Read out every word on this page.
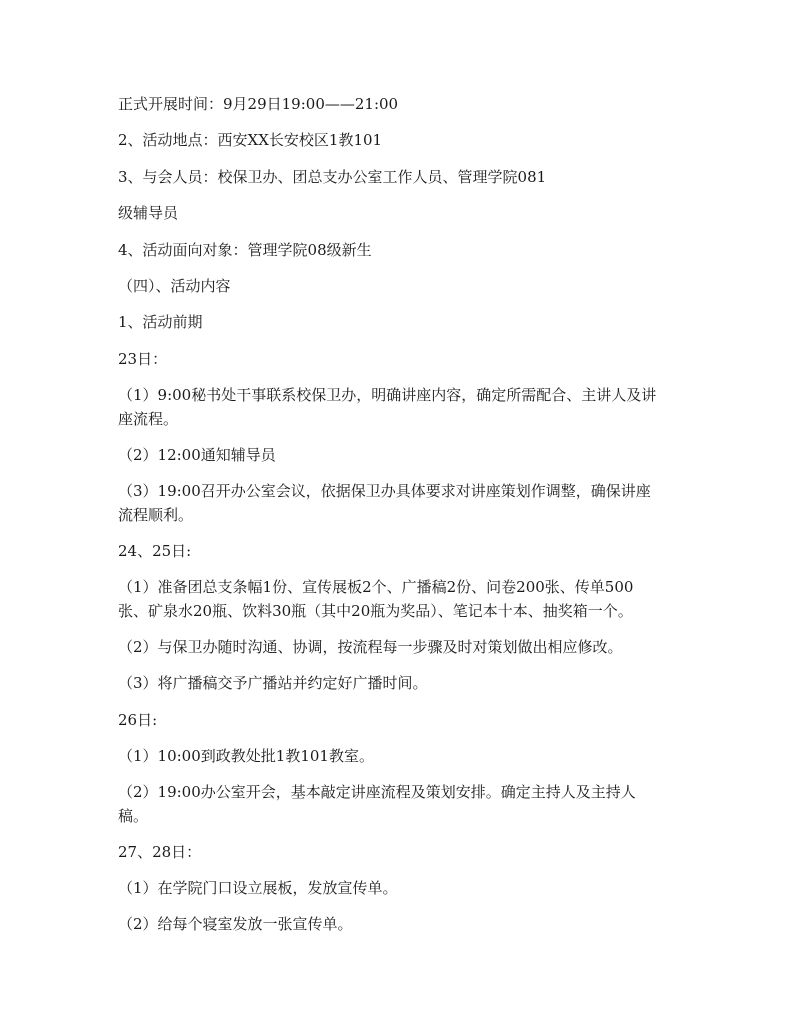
正式开展时间：9月29日19:00——21:00
2、活动地点：西安XX长安校区1教101
3、与会人员：校保卫办、团总支办公室工作人员、管理学院081
级辅导员
4、活动面向对象：管理学院08级新生
（四）、活动内容
1、活动前期
23日：
（1）9:00秘书处干事联系校保卫办，明确讲座内容，确定所需配合、主讲人及讲
座流程。
（2）12:00通知辅导员
（3）19:00召开办公室会议，依据保卫办具体要求对讲座策划作调整，确保讲座
流程顺利。
24、25日:
（1）准备团总支条幅1份、宣传展板2个、广播稿2份、问卷200张、传单500
张、矿泉水20瓶、饮料30瓶（其中20瓶为奖品）、笔记本十本、抽奖箱一个。
（2）与保卫办随时沟通、协调，按流程每一步骤及时对策划做出相应修改。
（3）将广播稿交予广播站并约定好广播时间。
26日:
（1）10:00到政教处批1教101教室。
（2）19:00办公室开会，基本敲定讲座流程及策划安排。确定主持人及主持人
稿。
27、28日：
（1）在学院门口设立展板，发放宣传单。
（2）给每个寝室发放一张宣传单。
